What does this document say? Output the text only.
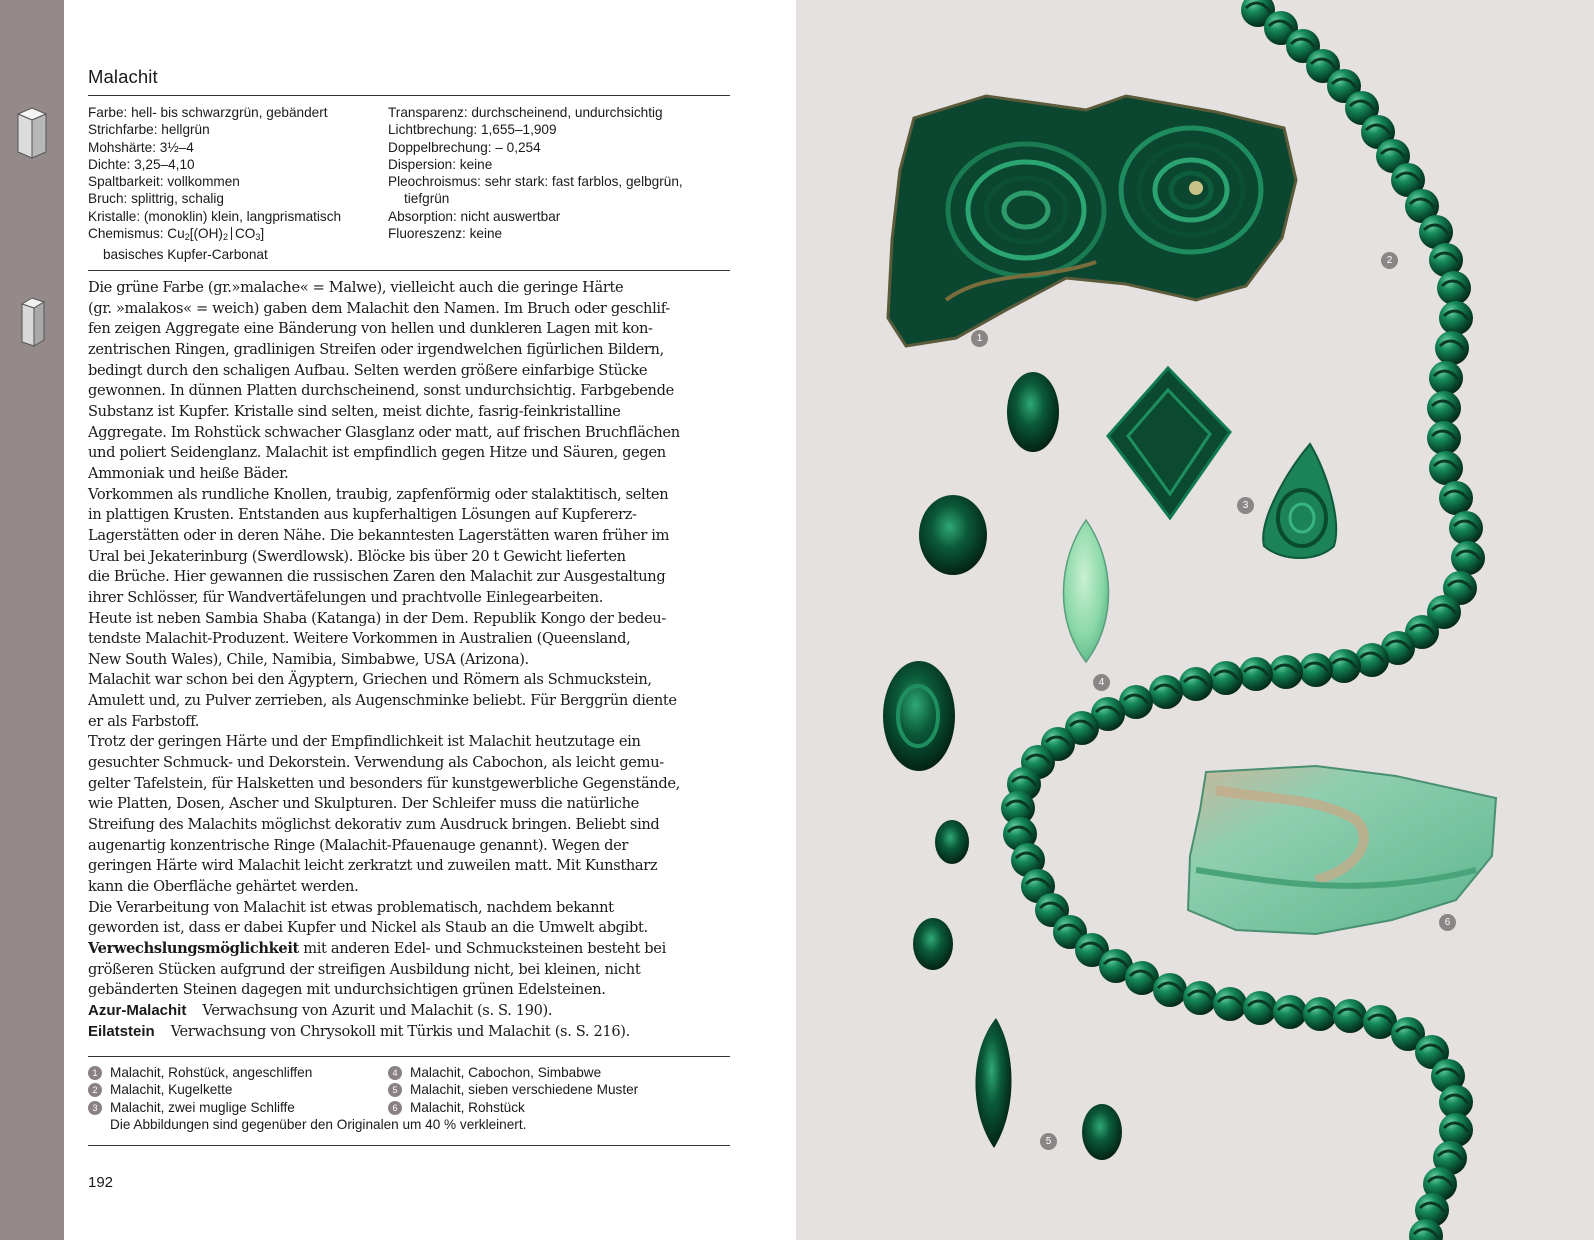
Malachit
Farbe: hell- bis schwarzgrün, gebändert
Strichfarbe: hellgrün
Mohshärte: 3½–4
Dichte: 3,25–4,10
Spaltbarkeit: vollkommen
Bruch: splittrig, schalig
Kristalle: (monoklin) klein, langprismatisch
Chemismus: $Cu_2[(OH)_2$ $CO_3$]
basisches Kupfer-Carbonat
Transparenz: durchscheinend, undurchsichtig
Lichtbrechung: 1,655–1,909
Doppelbrechung: – 0,254
Dispersion: keine
Pleochroismus: sehr stark: fast farblos, gelbgrün,
tiefgrün
Absorption: nicht auswertbar
Fluoreszenz: keine
Die grüne Farbe (gr.»malache« = Malwe), vielleicht auch die geringe Härte
(gr. »malakos« = weich) gaben dem Malachit den Namen. Im Bruch oder geschlif-
fen zeigen Aggregate eine Bänderung von hellen und dunkleren Lagen mit kon-
zentrischen Ringen, gradlinigen Streifen oder irgendwelchen figürlichen Bildern,
bedingt durch den schaligen Aufbau. Selten werden größere einfarbige Stücke
gewonnen. In dünnen Platten durchscheinend, sonst undurchsichtig. Farbgebende
Substanz ist Kupfer. Kristalle sind selten, meist dichte, fasrig-feinkristalline
Aggregate. Im Rohstück schwacher Glasglanz oder matt, auf frischen Bruchflächen
und poliert Seidenglanz. Malachit ist empfindlich gegen Hitze und Säuren, gegen
Ammoniak und heiße Bäder.
Vorkommen als rundliche Knollen, traubig, zapfenförmig oder stalaktitisch, selten
in plattigen Krusten. Entstanden aus kupferhaltigen Lösungen auf Kupfererz-
Lagerstätten oder in deren Nähe. Die bekanntesten Lagerstätten waren früher im
Ural bei Jekaterinburg (Swerdlowsk). Blöcke bis über 20 t Gewicht lieferten
die Brüche. Hier gewannen die russischen Zaren den Malachit zur Ausgestaltung
ihrer Schlösser, für Wandvertäfelungen und prachtvolle Einlegearbeiten.
Heute ist neben Sambia Shaba (Katanga) in der Dem. Republik Kongo der bedeu-
tendste Malachit-Produzent. Weitere Vorkommen in Australien (Queensland,
New South Wales), Chile, Namibia, Simbabwe, USA (Arizona).
Malachit war schon bei den Ägyptern, Griechen und Römern als Schmuckstein,
Amulett und, zu Pulver zerrieben, als Augenschminke beliebt. Für Berggrün diente
er als Farbstoff.
Trotz der geringen Härte und der Empfindlichkeit ist Malachit heutzutage ein
gesuchter Schmuck- und Dekorstein. Verwendung als Cabochon, als leicht gemu-
gelter Tafelstein, für Halsketten und besonders für kunstgewerbliche Gegenstände,
wie Platten, Dosen, Ascher und Skulpturen. Der Schleifer muss die natürliche
Streifung des Malachits möglichst dekorativ zum Ausdruck bringen. Beliebt sind
augenartig konzentrische Ringe (Malachit-Pfauenauge genannt). Wegen der
geringen Härte wird Malachit leicht zerkratzt und zuweilen matt. Mit Kunstharz
kann die Oberfläche gehärtet werden.
Die Verarbeitung von Malachit ist etwas problematisch, nachdem bekannt
geworden ist, dass er dabei Kupfer und Nickel als Staub an die Umwelt abgibt.
Verwechslungsmöglichkeit mit anderen Edel- und Schmucksteinen besteht bei
größeren Stücken aufgrund der streifigen Ausbildung nicht, bei kleinen, nicht
gebänderten Steinen dagegen mit undurchsichtigen grünen Edelsteinen.
Azur-Malachit Verwachsung von Azurit und Malachit (s. S. 190).
Eilatstein Verwachsung von Chrysokoll mit Türkis und Malachit (s. S. 216).
1 Malachit, Rohstück, angeschliffen
2 Malachit, Kugelkette
3 Malachit, zwei muglige Schliffe
4 Malachit, Cabochon, Simbabwe
5 Malachit, sieben verschiedene Muster
6 Malachit, Rohstück
Die Abbildungen sind gegenüber den Originalen um 40 % verkleinert.
192
1
2
3
4
5
6
